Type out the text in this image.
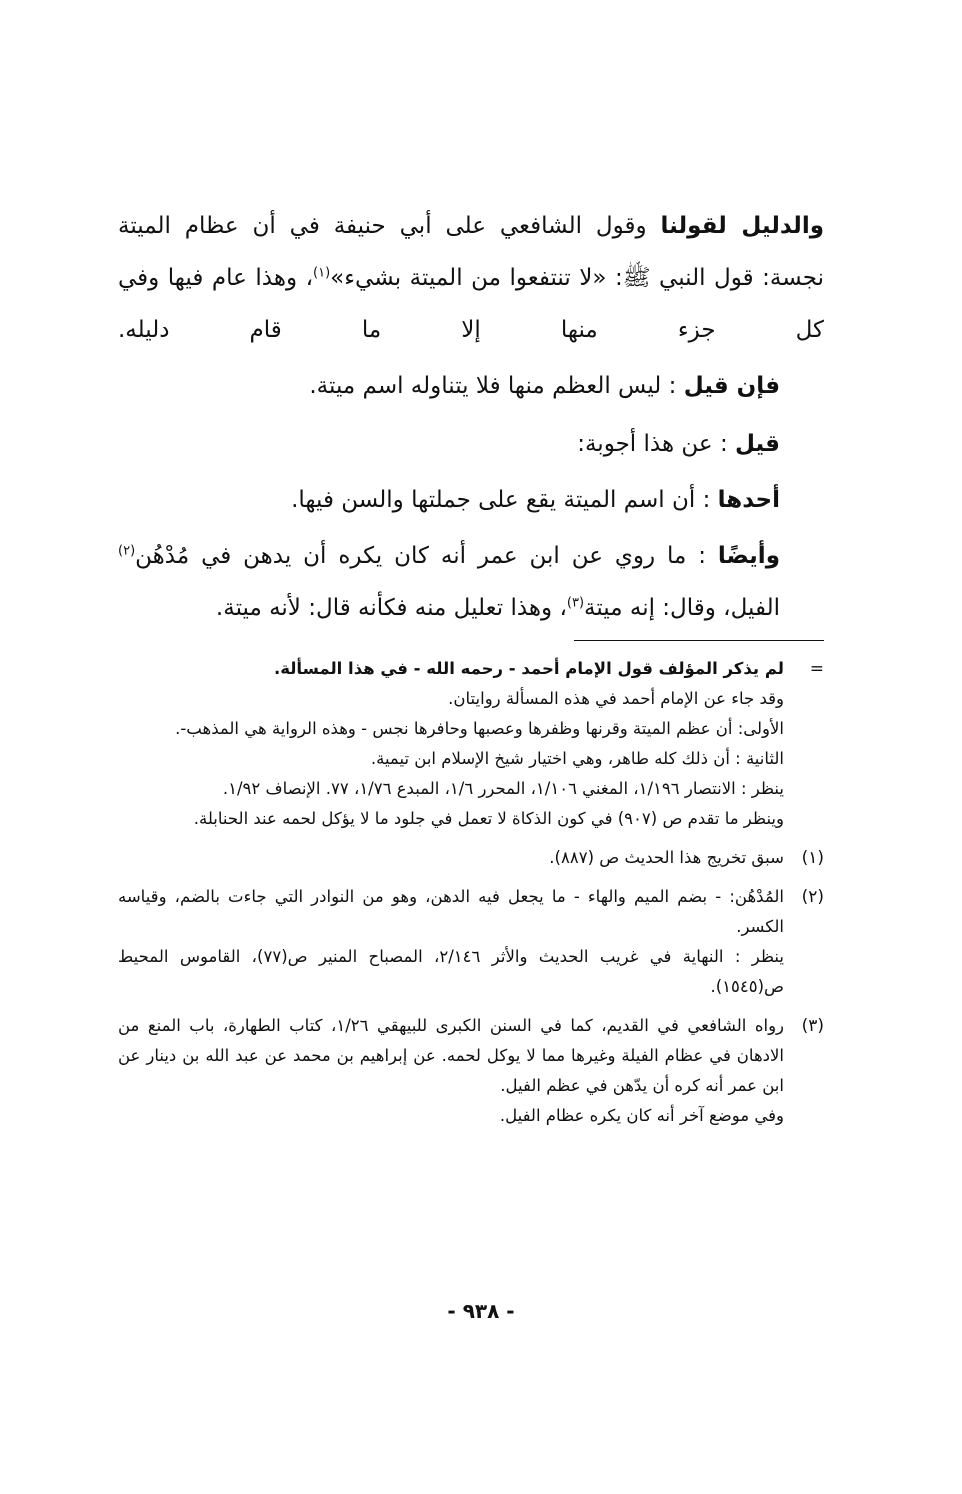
والدليل لقولنا وقول الشافعي على أبي حنيفة في أن عظام الميتة نجسة: قول النبي ﷺ: «لا تنتفعوا من الميتة بشيء»$^{(١)}$، وهذا عام فيها وفي كل جزء منها إلا ما قام دليله.

فإن قيل : ليس العظم منها فلا يتناوله اسم ميتة.

قيل : عن هذا أجوبة:

أحدها : أن اسم الميتة يقع على جملتها والسن فيها.

وأيضًا : ما روي عن ابن عمر أنه كان يكره أن يدهن في مُدْهُن$^{(٢)}$ الفيل، وقال: إنه ميتة$^{(٣)}$، وهذا تعليل منه فكأنه قال: لأنه ميتة.

=
لم يذكر المؤلف قول الإمام أحمد - رحمه الله - في هذا المسألة.
وقد جاء عن الإمام أحمد في هذه المسألة روايتان.
الأولى: أن عظم الميتة وقرنها وظفرها وعصبها وحافرها نجس - وهذه الرواية هي المذهب-.
الثانية : أن ذلك كله طاهر، وهي اختيار شيخ الإسلام ابن تيمية.
ينظر : الانتصار ١/١٩٦، المغني ١/١٠٦، المحرر ١/٦، المبدع ١/٧٦، ٧٧. الإنصاف ١/٩٢.
وينظر ما تقدم ص (٩٠٧) في كون الذكاة لا تعمل في جلود ما لا يؤكل لحمه عند الحنابلة.
(١)
سبق تخريج هذا الحديث ص (٨٨٧).
(٢)
المُدْهُن: - بضم الميم والهاء - ما يجعل فيه الدهن، وهو من النوادر التي جاءت بالضم، وقياسه الكسر.
ينظر : النهاية في غريب الحديث والأثر ٢/١٤٦، المصباح المنير ص(٧٧)، القاموس المحيط ص(١٥٤٥).
(٣)
رواه الشافعي في القديم، كما في السنن الكبرى للبيهقي ١/٢٦، كتاب الطهارة، باب المنع من الادهان في عظام الفيلة وغيرها مما لا يوكل لحمه. عن إبراهيم بن محمد عن عبد الله بن دينار عن ابن عمر أنه كره أن يدّهن في عظم الفيل.
وفي موضع آخر أنه كان يكره عظام الفيل.
- ٩٣٨ -
